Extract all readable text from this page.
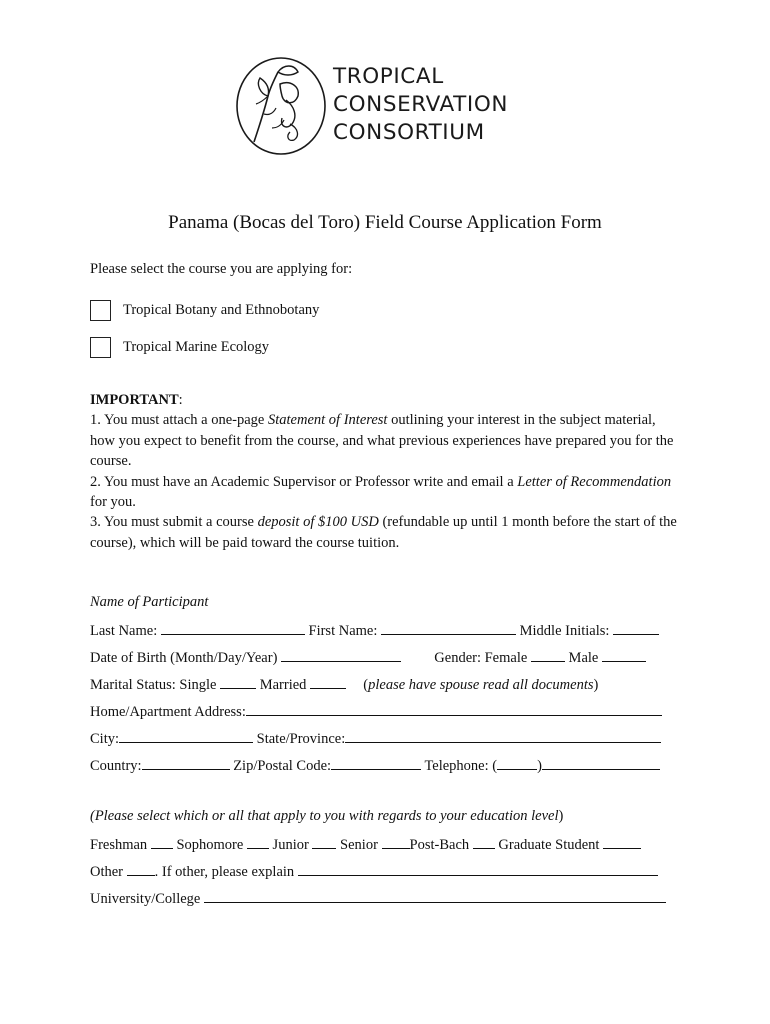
TROPICAL
CONSERVATION
CONSORTIUM
Panama (Bocas del Toro) Field Course Application Form
Please select the course you are applying for:
Tropical Botany and Ethnobotany
Tropical Marine Ecology

IMPORTANT:

1. You must attach a one-page Statement of Interest outlining your interest in the subject material, how you expect to benefit from the course, and what previous experiences have prepared you for the course.

2. You must have an Academic Supervisor or Professor write and email a Letter of Recommendation for you.

3. You must submit a course deposit of $100 USD (refundable up until 1 month before the start of the course), which will be paid toward the course tuition.

Name of Participant
Last Name:	First Name:	Middle Initials:
Date of Birth (Month/Day/Year)	Gender: Female	Male
Marital Status: Single	Married	(please have spouse read all documents)
Home/Apartment Address:
City:	State/Province:
Country:	Zip/Postal Code:	Telephone: (	)
(Please select which or all that apply to you with regards to your education level)
Freshman Sophomore Junior Senior Post-Bach Graduate Student
Other . If other, please explain
University/College
